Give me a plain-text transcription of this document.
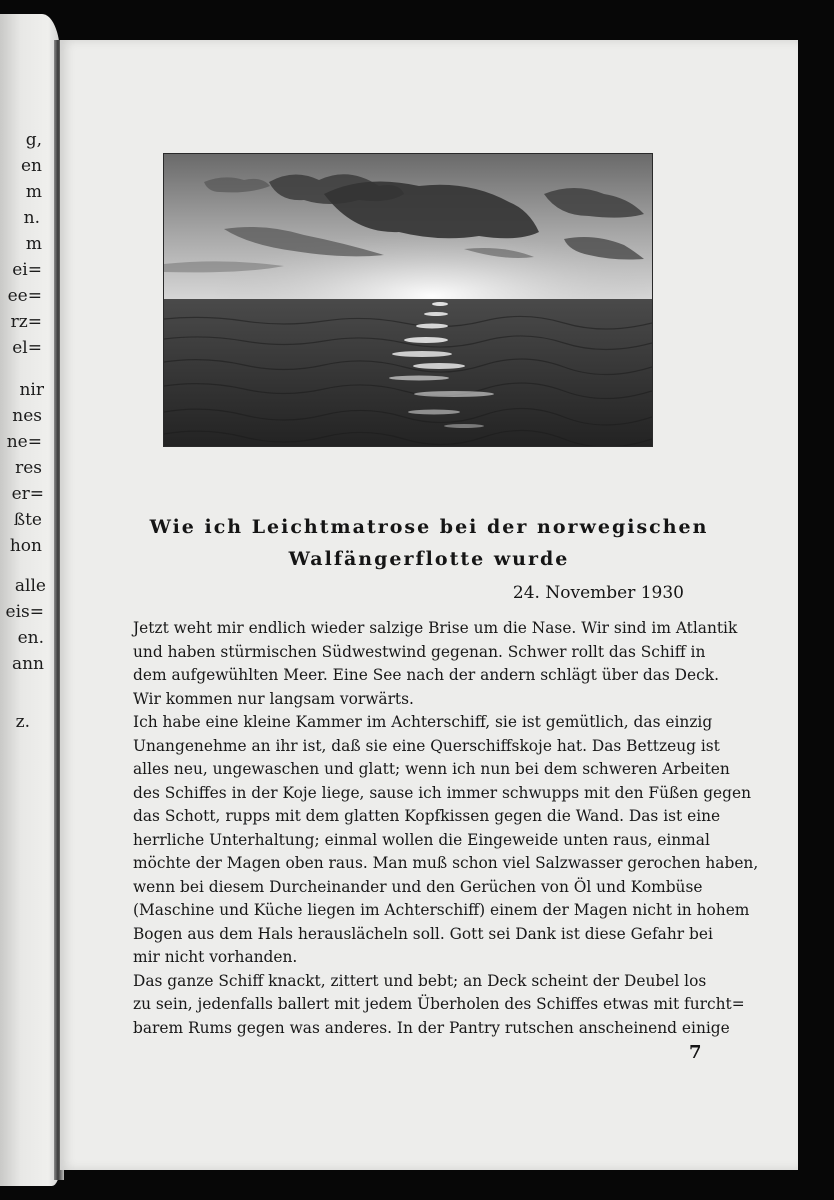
g,
en
m
n.
m
ei=
ee=
rz=
el=
nir
nes
ne=
res
er=
ßte
hon
alle
eis=
en.
ann
z.
Wie ich Leichtmatrose bei der norwegischen
Walfängerflotte wurde
24. November 1930
Jetzt weht mir endlich wieder salzige Brise um die Nase. Wir sind im Atlantik
und haben stürmischen Südwestwind gegenan. Schwer rollt das Schiff in
dem aufgewühlten Meer. Eine See nach der andern schlägt über das Deck.
Wir kommen nur langsam vorwärts.
Ich habe eine kleine Kammer im Achterschiff, sie ist gemütlich, das einzig
Unangenehme an ihr ist, daß sie eine Querschiffskoje hat. Das Bettzeug ist
alles neu, ungewaschen und glatt; wenn ich nun bei dem schweren Arbeiten
des Schiffes in der Koje liege, sause ich immer schwupps mit den Füßen gegen
das Schott, rupps mit dem glatten Kopfkissen gegen die Wand. Das ist eine
herrliche Unterhaltung; einmal wollen die Eingeweide unten raus, einmal
möchte der Magen oben raus. Man muß schon viel Salzwasser gerochen haben,
wenn bei diesem Durcheinander und den Gerüchen von Öl und Kombüse
(Maschine und Küche liegen im Achterschiff) einem der Magen nicht in hohem
Bogen aus dem Hals herauslächeln soll. Gott sei Dank ist diese Gefahr bei
mir nicht vorhanden.
Das ganze Schiff knackt, zittert und bebt; an Deck scheint der Deubel los
zu sein, jedenfalls ballert mit jedem Überholen des Schiffes etwas mit furcht=
barem Rums gegen was anderes. In der Pantry rutschen anscheinend einige
7
